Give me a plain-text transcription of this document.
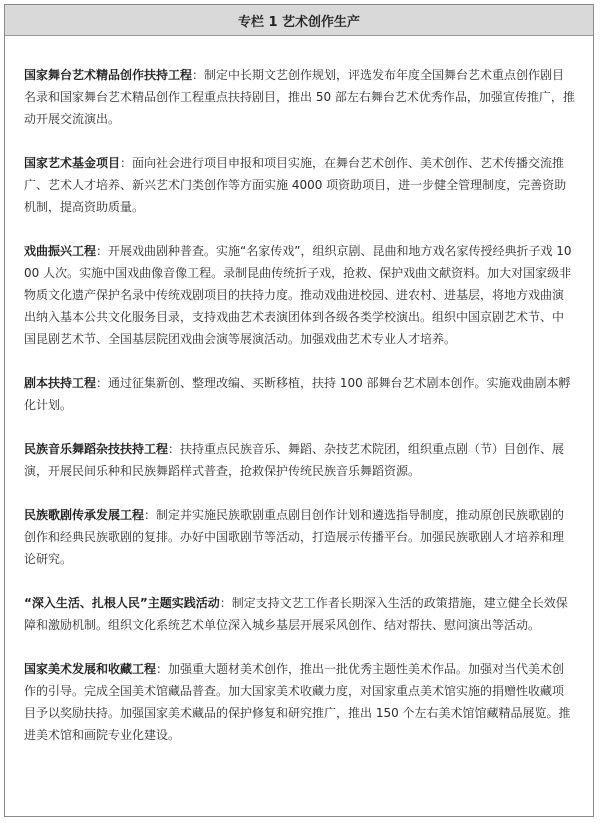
专栏 1 艺术创作生产

国家舞台艺术精品创作扶持工程：制定中长期文艺创作规划，评选发布年度全国舞台艺术重点创作剧目名录和国家舞台艺术精品创作工程重点扶持剧目，推出 50 部左右舞台艺术优秀作品，加强宣传推广，推动开展交流演出。

国家艺术基金项目：面向社会进行项目申报和项目实施，在舞台艺术创作、美术创作、艺术传播交流推广、艺术人才培养、新兴艺术门类创作等方面实施 4000 项资助项目，进一步健全管理制度，完善资助机制，提高资助质量。

戏曲振兴工程：开展戏曲剧种普查。实施“名家传戏”，组织京剧、昆曲和地方戏名家传授经典折子戏 1000 人次。实施中国戏曲像音像工程。录制昆曲传统折子戏，抢救、保护戏曲文献资料。加大对国家级非物质文化遗产保护名录中传统戏剧项目的扶持力度。推动戏曲进校园、进农村、进基层，将地方戏曲演出纳入基本公共文化服务目录，支持戏曲艺术表演团体到各级各类学校演出。组织中国京剧艺术节、中国昆剧艺术节、全国基层院团戏曲会演等展演活动。加强戏曲艺术专业人才培养。

剧本扶持工程：通过征集新创、整理改编、买断移植，扶持 100 部舞台艺术剧本创作。实施戏曲剧本孵化计划。

民族音乐舞蹈杂技扶持工程：扶持重点民族音乐、舞蹈、杂技艺术院团，组织重点剧（节）目创作、展演，开展民间乐种和民族舞蹈样式普查，抢救保护传统民族音乐舞蹈资源。

民族歌剧传承发展工程：制定并实施民族歌剧重点剧目创作计划和遴选指导制度，推动原创民族歌剧的创作和经典民族歌剧的复排。办好中国歌剧节等活动，打造展示传播平台。加强民族歌剧人才培养和理论研究。

“深入生活、扎根人民”主题实践活动：制定支持文艺工作者长期深入生活的政策措施，建立健全长效保障和激励机制。组织文化系统艺术单位深入城乡基层开展采风创作、结对帮扶、慰问演出等活动。

国家美术发展和收藏工程：加强重大题材美术创作，推出一批优秀主题性美术作品。加强对当代美术创作的引导。完成全国美术馆藏品普查。加大国家美术收藏力度，对国家重点美术馆实施的捐赠性收藏项目予以奖励扶持。加强国家美术藏品的保护修复和研究推广，推出 150 个左右美术馆馆藏精品展览。推进美术馆和画院专业化建设。
